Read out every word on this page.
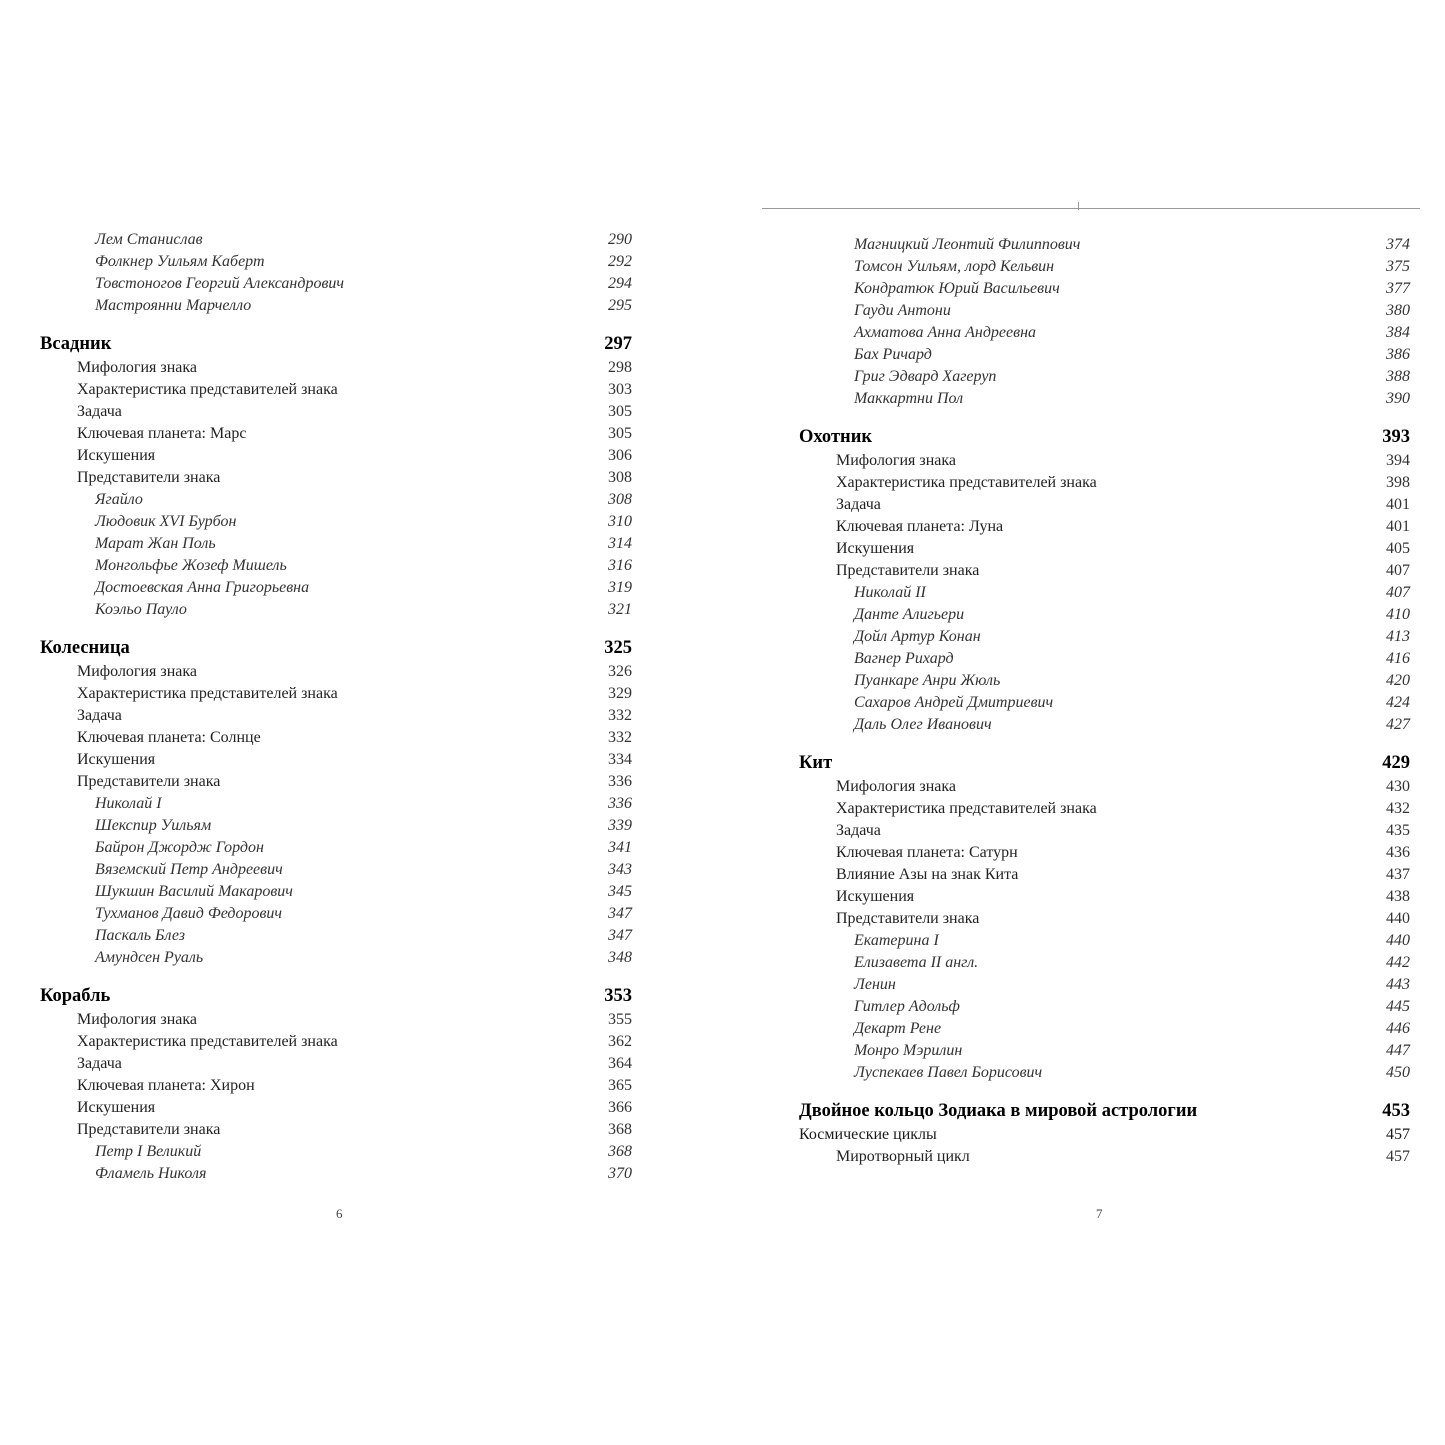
Лем Станислав	290
Фолкнер Уильям Каберт	292
Товстоногов Георгий Александрович	294
Мастроянни Марчелло	295
Всадник	297
Мифология знака	298
Характеристика представителей знака	303
Задача	305
Ключевая планета: Марс	305
Искушения	306
Представители знака	308
Ягайло	308
Людовик XVI Бурбон	310
Марат Жан Поль	314
Монгольфье Жозеф Мишель	316
Достоевская Анна Григорьевна	319
Коэльо Пауло	321
Колесница	325
Мифология знака	326
Характеристика представителей знака	329
Задача	332
Ключевая планета: Солнце	332
Искушения	334
Представители знака	336
Николай I	336
Шекспир Уильям	339
Байрон Джордж Гордон	341
Вяземский Петр Андреевич	343
Шукшин Василий Макарович	345
Тухманов Давид Федорович	347
Паскаль Блез	347
Амундсен Руаль	348
Корабль	353
Мифология знака	355
Характеристика представителей знака	362
Задача	364
Ключевая планета: Хирон	365
Искушения	366
Представители знака	368
Петр I Великий	368
Фламель Николя	370
6
Магницкий Леонтий Филиппович	374
Томсон Уильям, лорд Кельвин	375
Кондратюк Юрий Васильевич	377
Гауди Антони	380
Ахматова Анна Андреевна	384
Бах Ричард	386
Григ Эдвард Хагеруп	388
Маккартни Пол	390
Охотник	393
Мифология знака	394
Характеристика представителей знака	398
Задача	401
Ключевая планета: Луна	401
Искушения	405
Представители знака	407
Николай II	407
Данте Алигьери	410
Дойл Артур Конан	413
Вагнер Рихард	416
Пуанкаре Анри Жюль	420
Сахаров Андрей Дмитриевич	424
Даль Олег Иванович	427
Кит	429
Мифология знака	430
Характеристика представителей знака	432
Задача	435
Ключевая планета: Сатурн	436
Влияние Азы на знак Кита	437
Искушения	438
Представители знака	440
Екатерина I	440
Елизавета II англ.	442
Ленин	443
Гитлер Адольф	445
Декарт Рене	446
Монро Мэрилин	447
Луспекаев Павел Борисович	450
Двойное кольцо Зодиака в мировой астрологии	453
Космические циклы	457
Миротворный цикл	457
7
